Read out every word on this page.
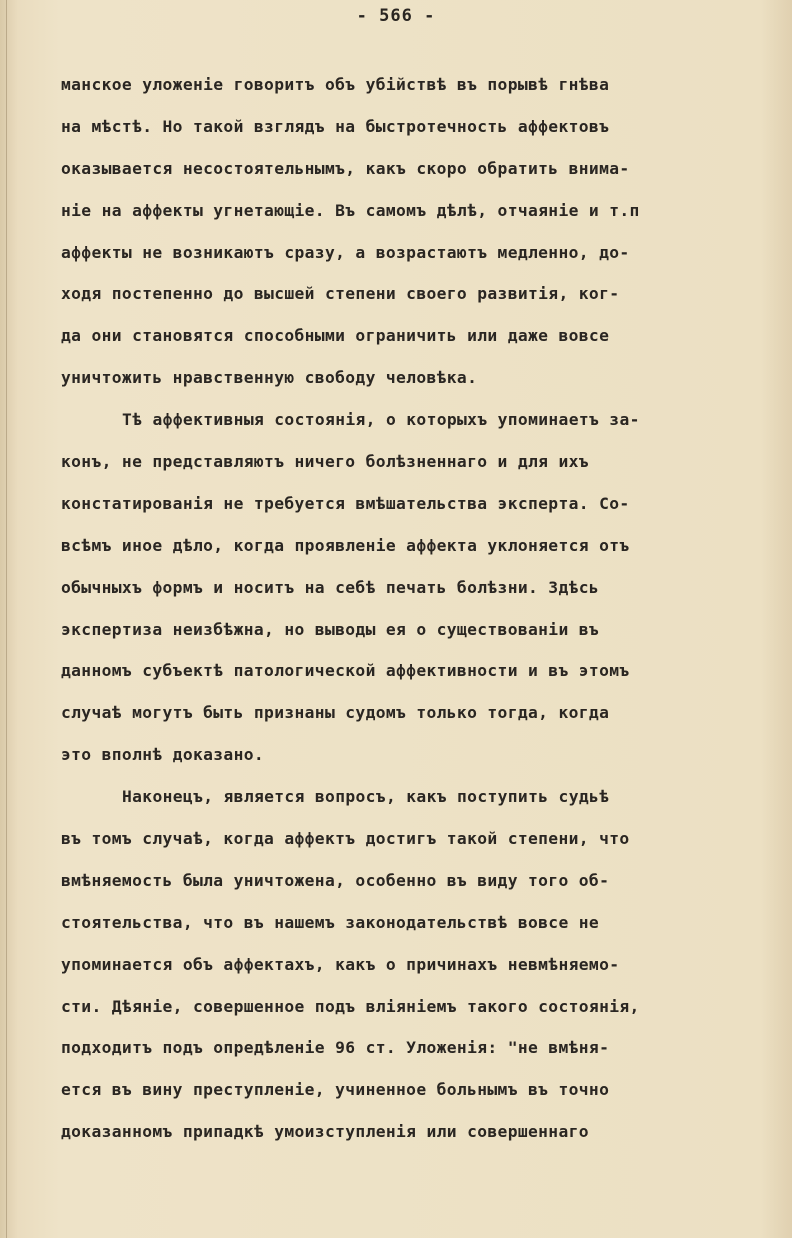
- 566 -
манское уложенiе говоритъ объ убiйствѣ въ порывѣ гнѣва
на мѣстѣ. Но такой взглядъ на быстротечность аффектовъ
оказывается несостоятельнымъ, какъ скоро обратить внима-
нiе на аффекты угнетающiе. Въ самомъ дѣлѣ, отчаянiе и т.п
аффекты не возникаютъ сразу, а возрастаютъ медленно, до-
ходя постепенно до высшей степени своего развитiя, ког-
да они становятся способными ограничить или даже вовсе
уничтожить нравственную свободу человѣка.
Тѣ аффективныя состоянiя, о которыхъ упоминаетъ за-
конъ, не представляютъ ничего болѣзненнаго и для ихъ
констатированiя не требуется вмѣшательства эксперта. Со-
всѣмъ иное дѣло, когда проявленiе аффекта уклоняется отъ
обычныхъ формъ и носитъ на себѣ печать болѣзни. Здѣсь
экспертиза неизбѣжна, но выводы ея о существованiи въ
данномъ субъектѣ патологической аффективности и въ этомъ
случаѣ могутъ быть признаны судомъ только тогда, когда
это вполнѣ доказано.
Наконецъ, является вопросъ, какъ поступить судьѣ
въ томъ случаѣ, когда аффектъ достигъ такой степени, что
вмѣняемость была уничтожена, особенно въ виду того об-
стоятельства, что въ нашемъ законодательствѣ вовсе не
упоминается объ аффектахъ, какъ о причинахъ невмѣняемо-
сти. Дѣянiе, совершенное подъ влiянiемъ такого состоянiя,
подходитъ подъ опредѣленiе 96 ст. Уложенiя: "не вмѣня-
ется въ вину преступленiе, учиненное больнымъ въ точно
доказанномъ припадкѣ умоизступленiя или совершеннаго
